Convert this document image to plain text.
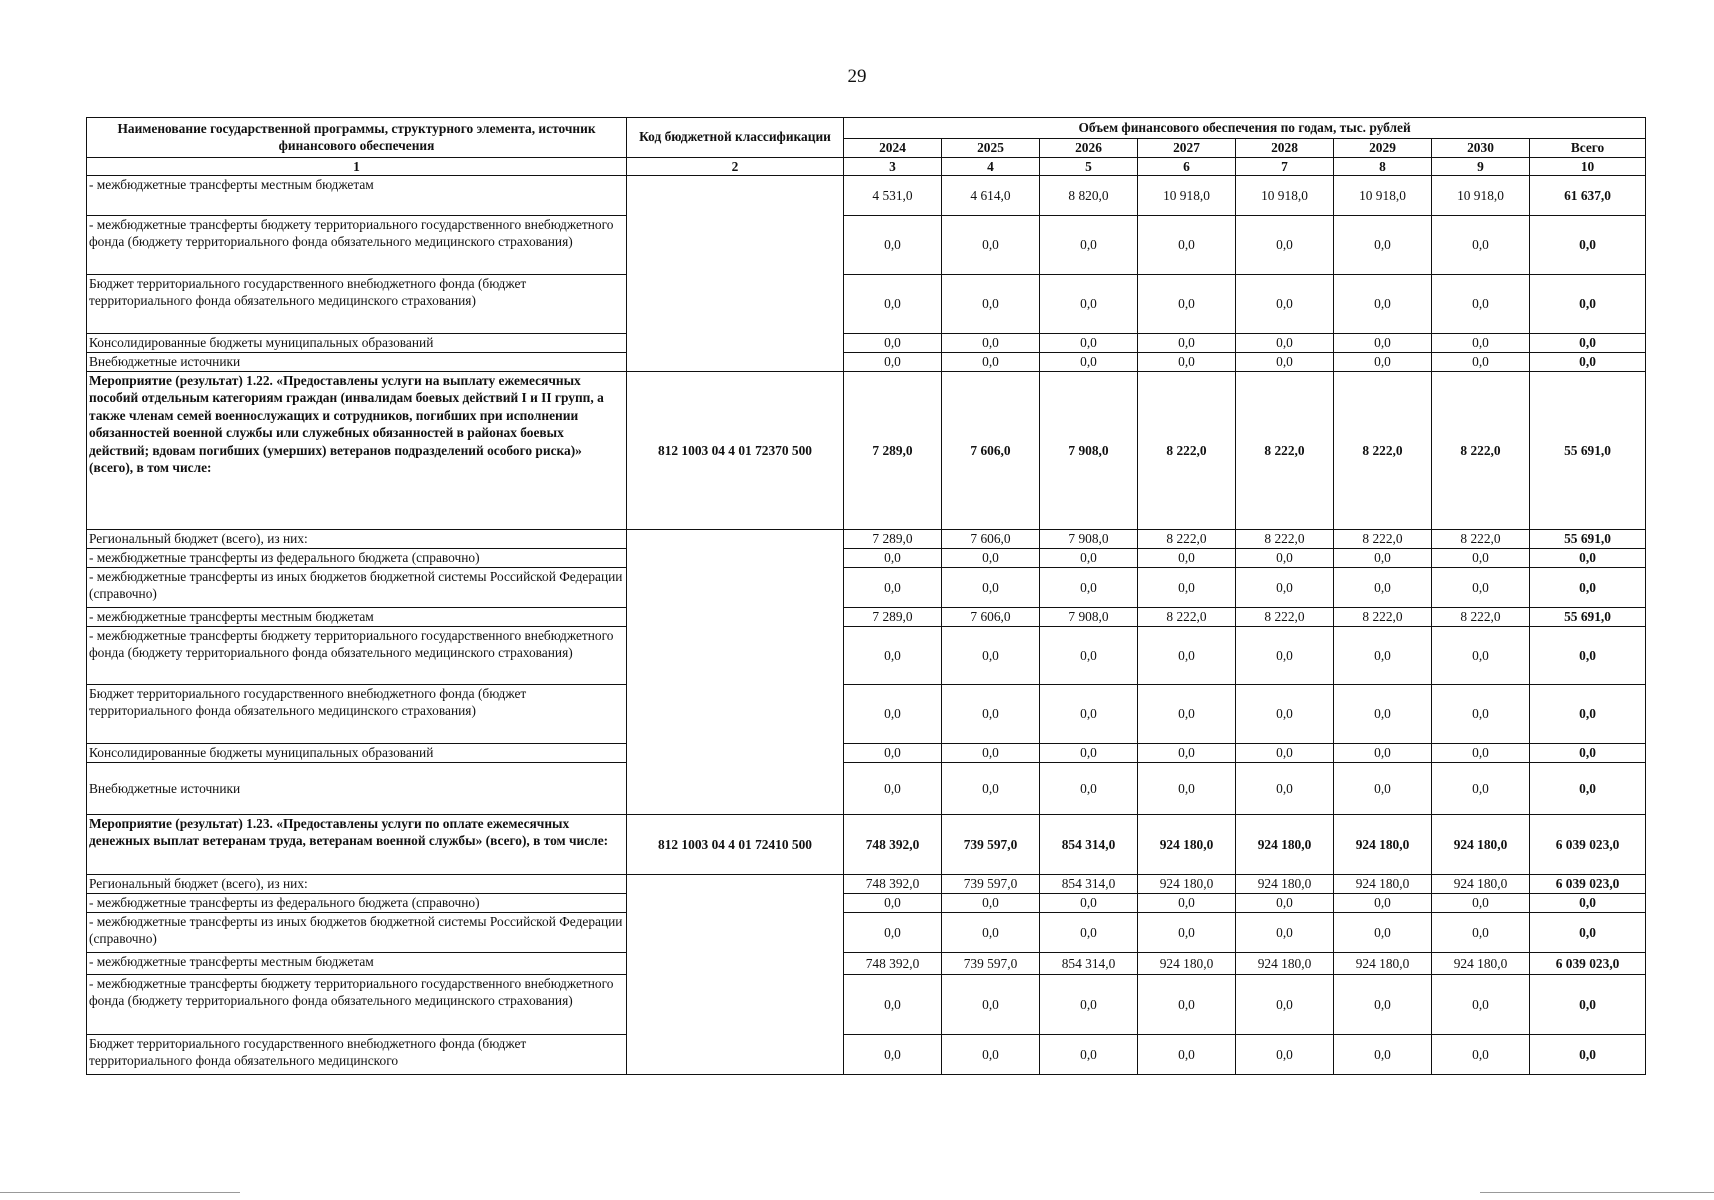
29
Наименование государственной программы, структурного элемента, источник финансового обеспечения	Код бюджетной классификации	Объем финансового обеспечения по годам, тыс. рублей							
		2024	2025	2026	2027	2028	2029	2030	Всего
1	2	3	4	5	6	7	8	9	10
- межбюджетные трансферты местным бюджетам		4 531,0	4 614,0	8 820,0	10 918,0	10 918,0	10 918,0	10 918,0	61 637,0
- межбюджетные трансферты бюджету территориального государственного внебюджетного фонда (бюджету территориального фонда обязательного медицинского страхования)		0,0	0,0	0,0	0,0	0,0	0,0	0,0	0,0
Бюджет территориального государственного внебюджетного фонда (бюджет территориального фонда обязательного медицинского страхования)		0,0	0,0	0,0	0,0	0,0	0,0	0,0	0,0
Консолидированные бюджеты муниципальных образований		0,0	0,0	0,0	0,0	0,0	0,0	0,0	0,0
Внебюджетные источники		0,0	0,0	0,0	0,0	0,0	0,0	0,0	0,0
Мероприятие (результат) 1.22. «Предоставлены услуги на выплату ежемесячных пособий отдельным категориям граждан (инвалидам боевых действий I и II групп, а также членам семей военнослужащих и сотрудников, погибших при исполнении обязанностей военной службы или служебных обязанностей в районах боевых действий; вдовам погибших (умерших) ветеранов подразделений особого риска)» (всего), в том числе:	812 1003 04 4 01 72370 500	7 289,0	7 606,0	7 908,0	8 222,0	8 222,0	8 222,0	8 222,0	55 691,0
Региональный бюджет (всего), из них:		7 289,0	7 606,0	7 908,0	8 222,0	8 222,0	8 222,0	8 222,0	55 691,0
- межбюджетные трансферты из федерального бюджета (справочно)		0,0	0,0	0,0	0,0	0,0	0,0	0,0	0,0
- межбюджетные трансферты из иных бюджетов бюджетной системы Российской Федерации (справочно)		0,0	0,0	0,0	0,0	0,0	0,0	0,0	0,0
- межбюджетные трансферты местным бюджетам		7 289,0	7 606,0	7 908,0	8 222,0	8 222,0	8 222,0	8 222,0	55 691,0
- межбюджетные трансферты бюджету территориального государственного внебюджетного фонда (бюджету территориального фонда обязательного медицинского страхования)		0,0	0,0	0,0	0,0	0,0	0,0	0,0	0,0
Бюджет территориального государственного внебюджетного фонда (бюджет территориального фонда обязательного медицинского страхования)		0,0	0,0	0,0	0,0	0,0	0,0	0,0	0,0
Консолидированные бюджеты муниципальных образований		0,0	0,0	0,0	0,0	0,0	0,0	0,0	0,0
Внебюджетные источники		0,0	0,0	0,0	0,0	0,0	0,0	0,0	0,0
Мероприятие (результат) 1.23. «Предоставлены услуги по оплате ежемесячных денежных выплат ветеранам труда, ветеранам военной службы» (всего), в том числе:	812 1003 04 4 01 72410 500	748 392,0	739 597,0	854 314,0	924 180,0	924 180,0	924 180,0	924 180,0	6 039 023,0
Региональный бюджет (всего), из них:		748 392,0	739 597,0	854 314,0	924 180,0	924 180,0	924 180,0	924 180,0	6 039 023,0
- межбюджетные трансферты из федерального бюджета (справочно)		0,0	0,0	0,0	0,0	0,0	0,0	0,0	0,0
- межбюджетные трансферты из иных бюджетов бюджетной системы Российской Федерации (справочно)		0,0	0,0	0,0	0,0	0,0	0,0	0,0	0,0
- межбюджетные трансферты местным бюджетам		748 392,0	739 597,0	854 314,0	924 180,0	924 180,0	924 180,0	924 180,0	6 039 023,0
- межбюджетные трансферты бюджету территориального государственного внебюджетного фонда (бюджету территориального фонда обязательного медицинского страхования)		0,0	0,0	0,0	0,0	0,0	0,0	0,0	0,0
Бюджет территориального государственного внебюджетного фонда (бюджет территориального фонда обязательного медицинского		0,0	0,0	0,0	0,0	0,0	0,0	0,0	0,0
